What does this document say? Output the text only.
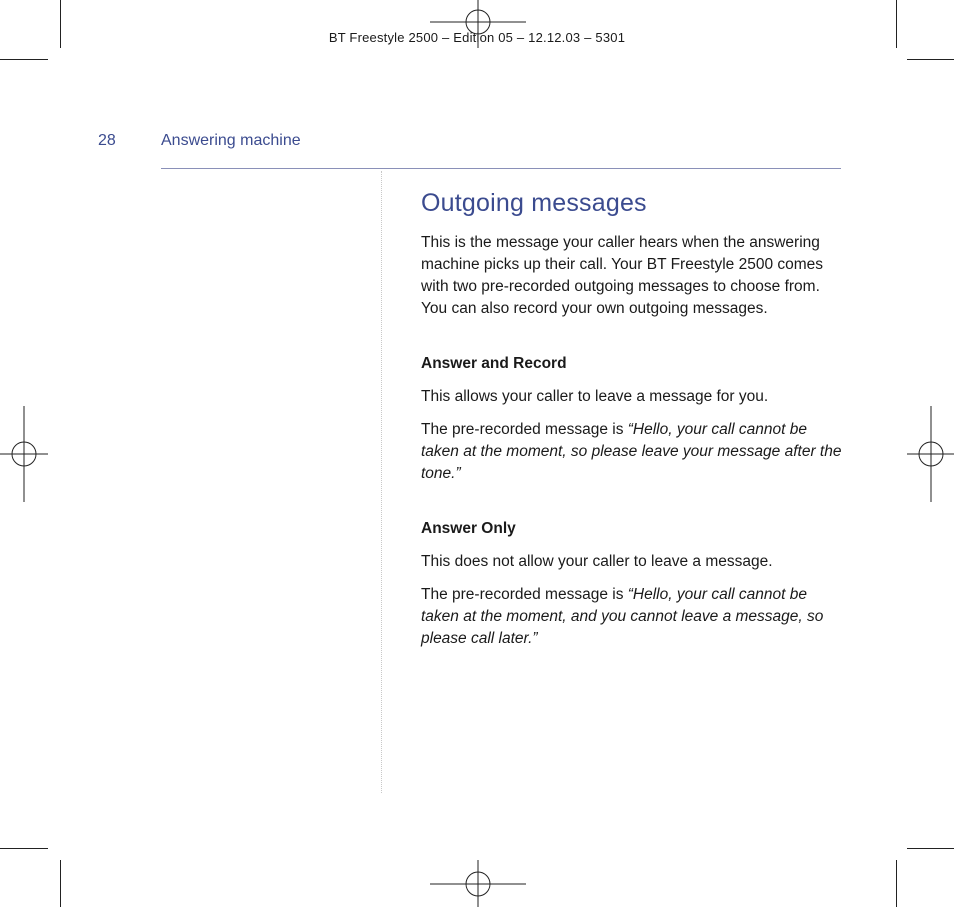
BT Freestyle 2500 – Edition 05 – 12.12.03 – 5301
28	Answering machine
Outgoing messages

This is the message your caller hears when the answering machine picks up their call. Your BT Freestyle 2500 comes with two pre-recorded outgoing messages to choose from. You can also record your own outgoing messages.

Answer and Record

This allows your caller to leave a message for you.

The pre-recorded message is “Hello, your call cannot be taken at the moment, so please leave your message after the tone.”

Answer Only

This does not allow your caller to leave a message.

The pre-recorded message is “Hello, your call cannot be taken at the moment, and you cannot leave a message, so please call later.”
